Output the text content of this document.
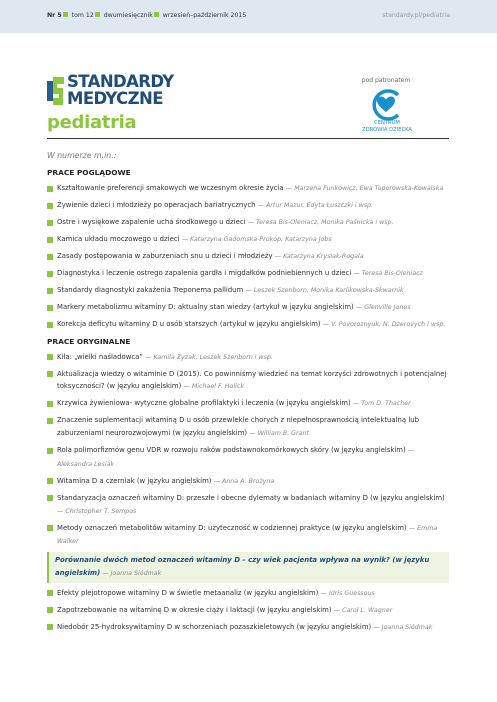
Nr 5 tom 12 dwumiesięcznik wrzesień–październik 2015	standardy.pl/pediatria
STANDARDY
MEDYCZNE
pediatria
pod patronatem
CENTRUM
ZDROWIA DZIECKA
W numerze m.in.:
PRACE POGLĄDOWE
Kształtowanie preferencji smakowych we wczesnym okresie życia — Marzena Funkowicz, Ewa Toporowska-Kowalska
Żywienie dzieci i młodzieży po operacjach bariatrycznych — Artur Mazur, Edyta Łuszczki i wsp.
Ostre i wysiękowe zapalenie ucha środkowego u dzieci — Teresa Bis-Oleniacz, Monika Paśnicka i wsp.
Kamica układu moczowego u dzieci — Katarzyna Gadomska-Prokop, Katarzyna Jobs
Zasady postępowania w zaburzeniach snu u dzieci i młodzieży — Katarzyna Krysiak-Rogala
Diagnostyka i leczenie ostrego zapalenia gardła i migdałków podniebiennych u dzieci — Teresa Bis-Oleniacz
Standardy diagnostyki zakażenia Treponema pallidum — Leszek Szenborn, Monika Karlikowska-Skwarnik
Markery metabolizmu witaminy D: aktualny stan wiedzy (artykuł w języku angielskim) — Glenville Jones
Korekcja deficytu witaminy D u osób starszych (artykuł w języku angielskim) — V. Povoroznyuk, N. Dzerovych i wsp.
PRACE ORYGINALNE
Kiła: „wielki naśladowca” — Kamila Zyzak, Leszek Szenborn i wsp.
Aktualizacja wiedzy o witaminie D (2015). Co powinniśmy wiedzieć na temat korzyści zdrowotnych i potencjalnej toksyczności? (w języku angielskim) — Michael F. Holick
Krzywica żywieniowa- wytyczne globalne profilaktyki i leczenia (w języku angielskim) — Tom D. Thacher
Znaczenie suplementacji witaminą D u osób przewlekle chorych z niepełnosprawnością intelektualną lub zaburzeniami neurorozwojowymi (w języku angielskim) — William B. Grant
Rola polimorfizmów genu VDR w rozwoju raków podstawnokomórkowych skóry (w języku angielskim) — Aleksandra Lesiak
Witamina D a czerniak (w języku angielskim) — Anna A. Brożyna
Standaryzacja oznaczeń witaminy D: przeszłe i obecne dylematy w badaniach witaminy D (w języku angielskim) — Christopher T. Sempos
Metody oznaczeń metabolitów witaminy D: użyteczność w codziennej praktyce (w języku angielskim) — Emma Walker
Porównanie dwóch metod oznaczeń witaminy D – czy wiek pacjenta wpływa na wynik? (w języku angielskim) — Joanna Siódmak
Efekty plejotropowe witaminy D w świetle metaanaliz (w języku angielskim) — Idris Guessous
Zapotrzebowanie na witaminę D w okresie ciąży i laktacji (w języku angielskim) — Carol L. Wagner
Niedobór 25-hydroksywitaminy D w schorzeniach pozaszkieletowych (w języku angielskim) — Joanna Siódmak
